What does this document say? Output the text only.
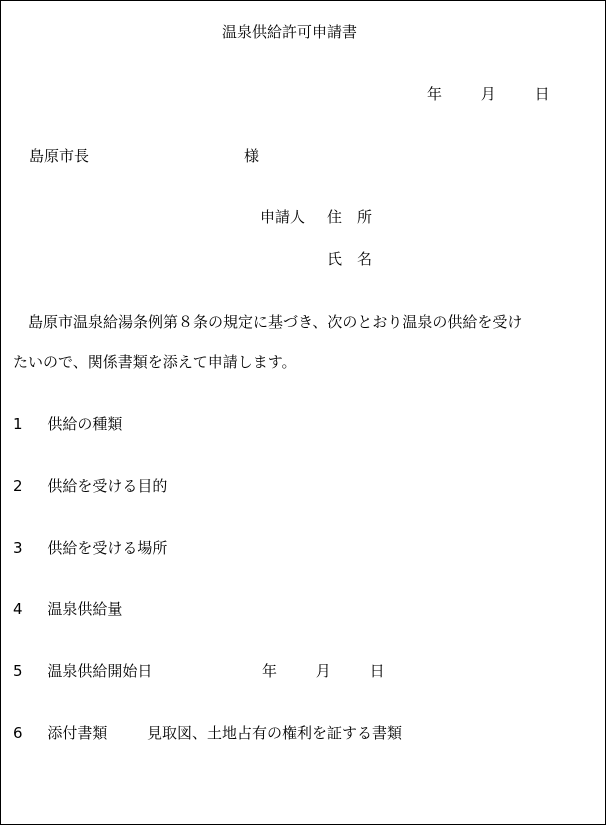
温泉供給許可申請書
年	月	日
島原市長	様
申請人 住　所
氏　名
　島原市温泉給湯条例第８条の規定に基づき、次のとおり温泉の供給を受け
たいので、関係書類を添えて申請します。
1 供給の種類
2 供給を受ける目的
3 供給を受ける場所
4 温泉供給量
5 温泉供給開始日	年	月	日
6 添付書類	見取図、土地占有の権利を証する書類
